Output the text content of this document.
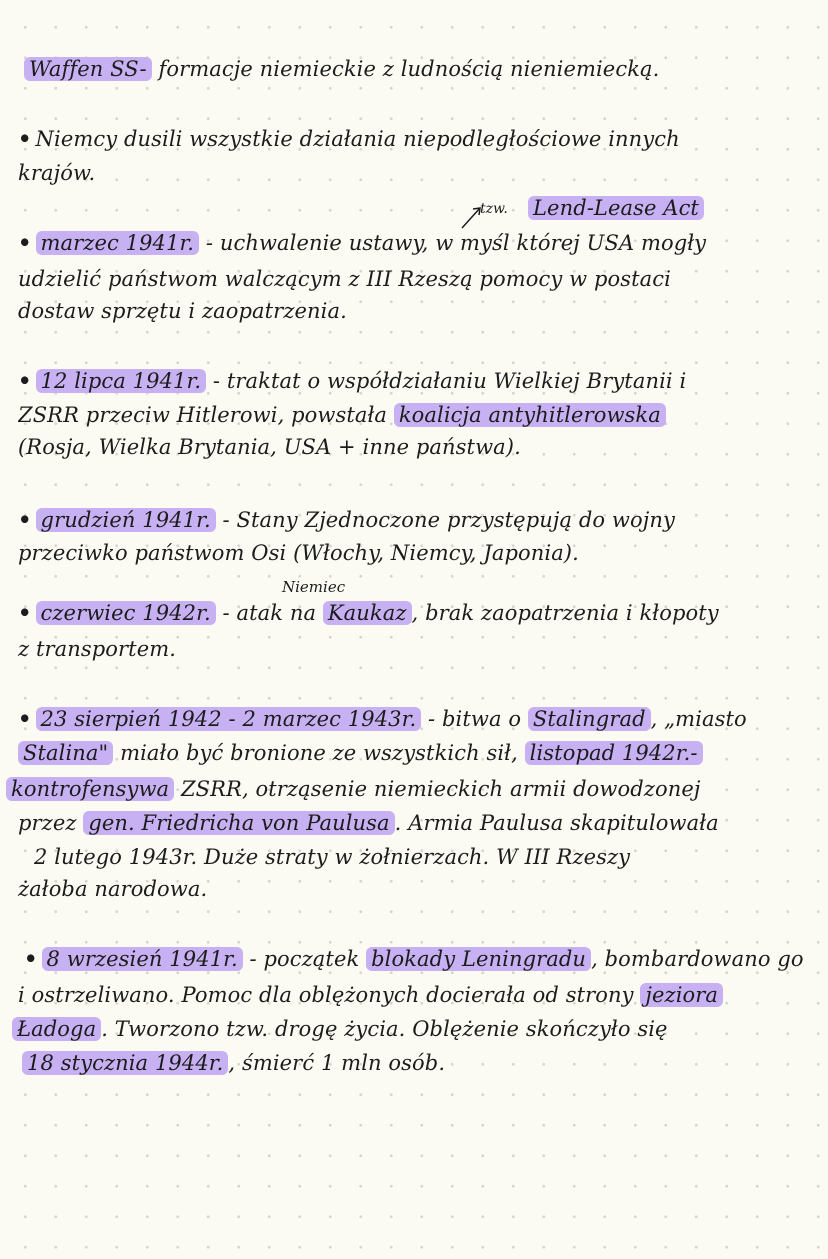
Waffen SS- formacje niemieckie z ludnością nieniemiecką.
• Niemcy dusili wszystkie działania niepodległościowe innych
krajów.
tzw. Lend-Lease Act
• marzec 1941r. - uchwalenie ustawy, w myśl której USA mogły
udzielić państwom walczącym z III Rzeszą pomocy w postaci
dostaw sprzętu i zaopatrzenia.
• 12 lipca 1941r. - traktat o współdziałaniu Wielkiej Brytanii i
ZSRR przeciw Hitlerowi, powstała koalicja antyhitlerowska
(Rosja, Wielka Brytania, USA + inne państwa).
• grudzień 1941r. - Stany Zjednoczone przystępują do wojny
przeciwko państwom Osi (Włochy, Niemcy, Japonia).
Niemiec
• czerwiec 1942r. - atak na Kaukaz , brak zaopatrzenia i kłopoty
z transportem.
• 23 sierpień 1942 - 2 marzec 1943r. - bitwa o Stalingrad , „miasto
Stalina" miało być bronione ze wszystkich sił, listopad 1942r.-
kontrofensywa ZSRR, otrząsenie niemieckich armii dowodzonej
przez gen. Friedricha von Paulusa . Armia Paulusa skapitulowała
2 lutego 1943r. Duże straty w żołnierzach. W III Rzeszy
żałoba narodowa.
• 8 wrzesień 1941r. - początek blokady Leningradu , bombardowano go
i ostrzeliwano. Pomoc dla oblężonych docierała od strony jeziora
Ładoga . Tworzono tzw. drogę życia. Oblężenie skończyło się
18 stycznia 1944r. , śmierć 1 mln osób.
